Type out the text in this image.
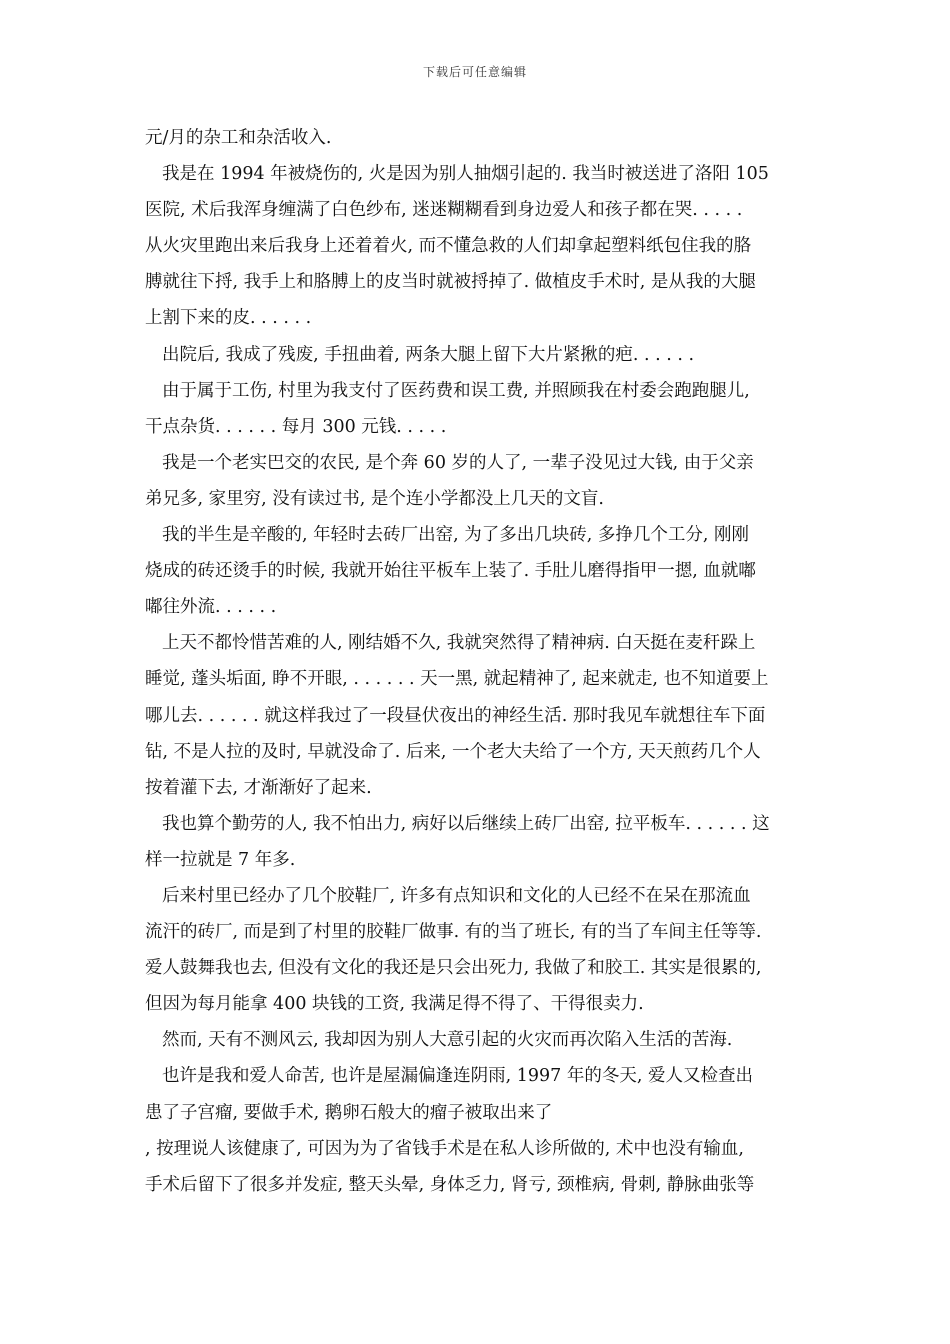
下载后可任意编辑
元/月的杂工和杂活收入.
我是在 1994 年被烧伤的, 火是因为别人抽烟引起的. 我当时被送进了洛阳 105
医院, 术后我浑身缠满了白色纱布, 迷迷糊糊看到身边爱人和孩子都在哭. . . . .
从火灾里跑出来后我身上还着着火, 而不懂急救的人们却拿起塑料纸包住我的胳
膊就往下捋, 我手上和胳膊上的皮当时就被捋掉了. 做植皮手术时, 是从我的大腿
上割下来的皮. . . . . .
出院后, 我成了残废, 手扭曲着, 两条大腿上留下大片紧揪的疤. . . . . .
由于属于工伤, 村里为我支付了医药费和误工费, 并照顾我在村委会跑跑腿儿,
干点杂货. . . . . . 每月 300 元钱. . . . .
我是一个老实巴交的农民, 是个奔 60 岁的人了, 一辈子没见过大钱, 由于父亲
弟兄多, 家里穷, 没有读过书, 是个连小学都没上几天的文盲.
我的半生是辛酸的, 年轻时去砖厂出窑, 为了多出几块砖, 多挣几个工分, 刚刚
烧成的砖还烫手的时候, 我就开始往平板车上装了. 手肚儿磨得指甲一摁, 血就嘟
嘟往外流. . . . . .
上天不都怜惜苦难的人, 刚结婚不久, 我就突然得了精神病. 白天挺在麦秆跺上
睡觉, 蓬头垢面, 睁不开眼, . . . . . . 天一黑, 就起精神了, 起来就走, 也不知道要上
哪儿去. . . . . . 就这样我过了一段昼伏夜出的神经生活. 那时我见车就想往车下面
钻, 不是人拉的及时, 早就没命了. 后来, 一个老大夫给了一个方, 天天煎药几个人
按着灌下去, 才渐渐好了起来.
我也算个勤劳的人, 我不怕出力, 病好以后继续上砖厂出窑, 拉平板车. . . . . . 这
样一拉就是 7 年多.
后来村里已经办了几个胶鞋厂, 许多有点知识和文化的人已经不在呆在那流血
流汗的砖厂, 而是到了村里的胶鞋厂做事. 有的当了班长, 有的当了车间主任等等.
爱人鼓舞我也去, 但没有文化的我还是只会出死力, 我做了和胶工. 其实是很累的,
但因为每月能拿 400 块钱的工资, 我满足得不得了、干得很卖力.
然而, 天有不测风云, 我却因为别人大意引起的火灾而再次陷入生活的苦海.
也许是我和爱人命苦, 也许是屋漏偏逢连阴雨, 1997 年的冬天, 爱人又检查出
患了子宫瘤, 要做手术, 鹅卵石般大的瘤子被取出来了
, 按理说人该健康了, 可因为为了省钱手术是在私人诊所做的, 术中也没有输血,
手术后留下了很多并发症, 整天头晕, 身体乏力, 肾亏, 颈椎病, 骨刺, 静脉曲张等
